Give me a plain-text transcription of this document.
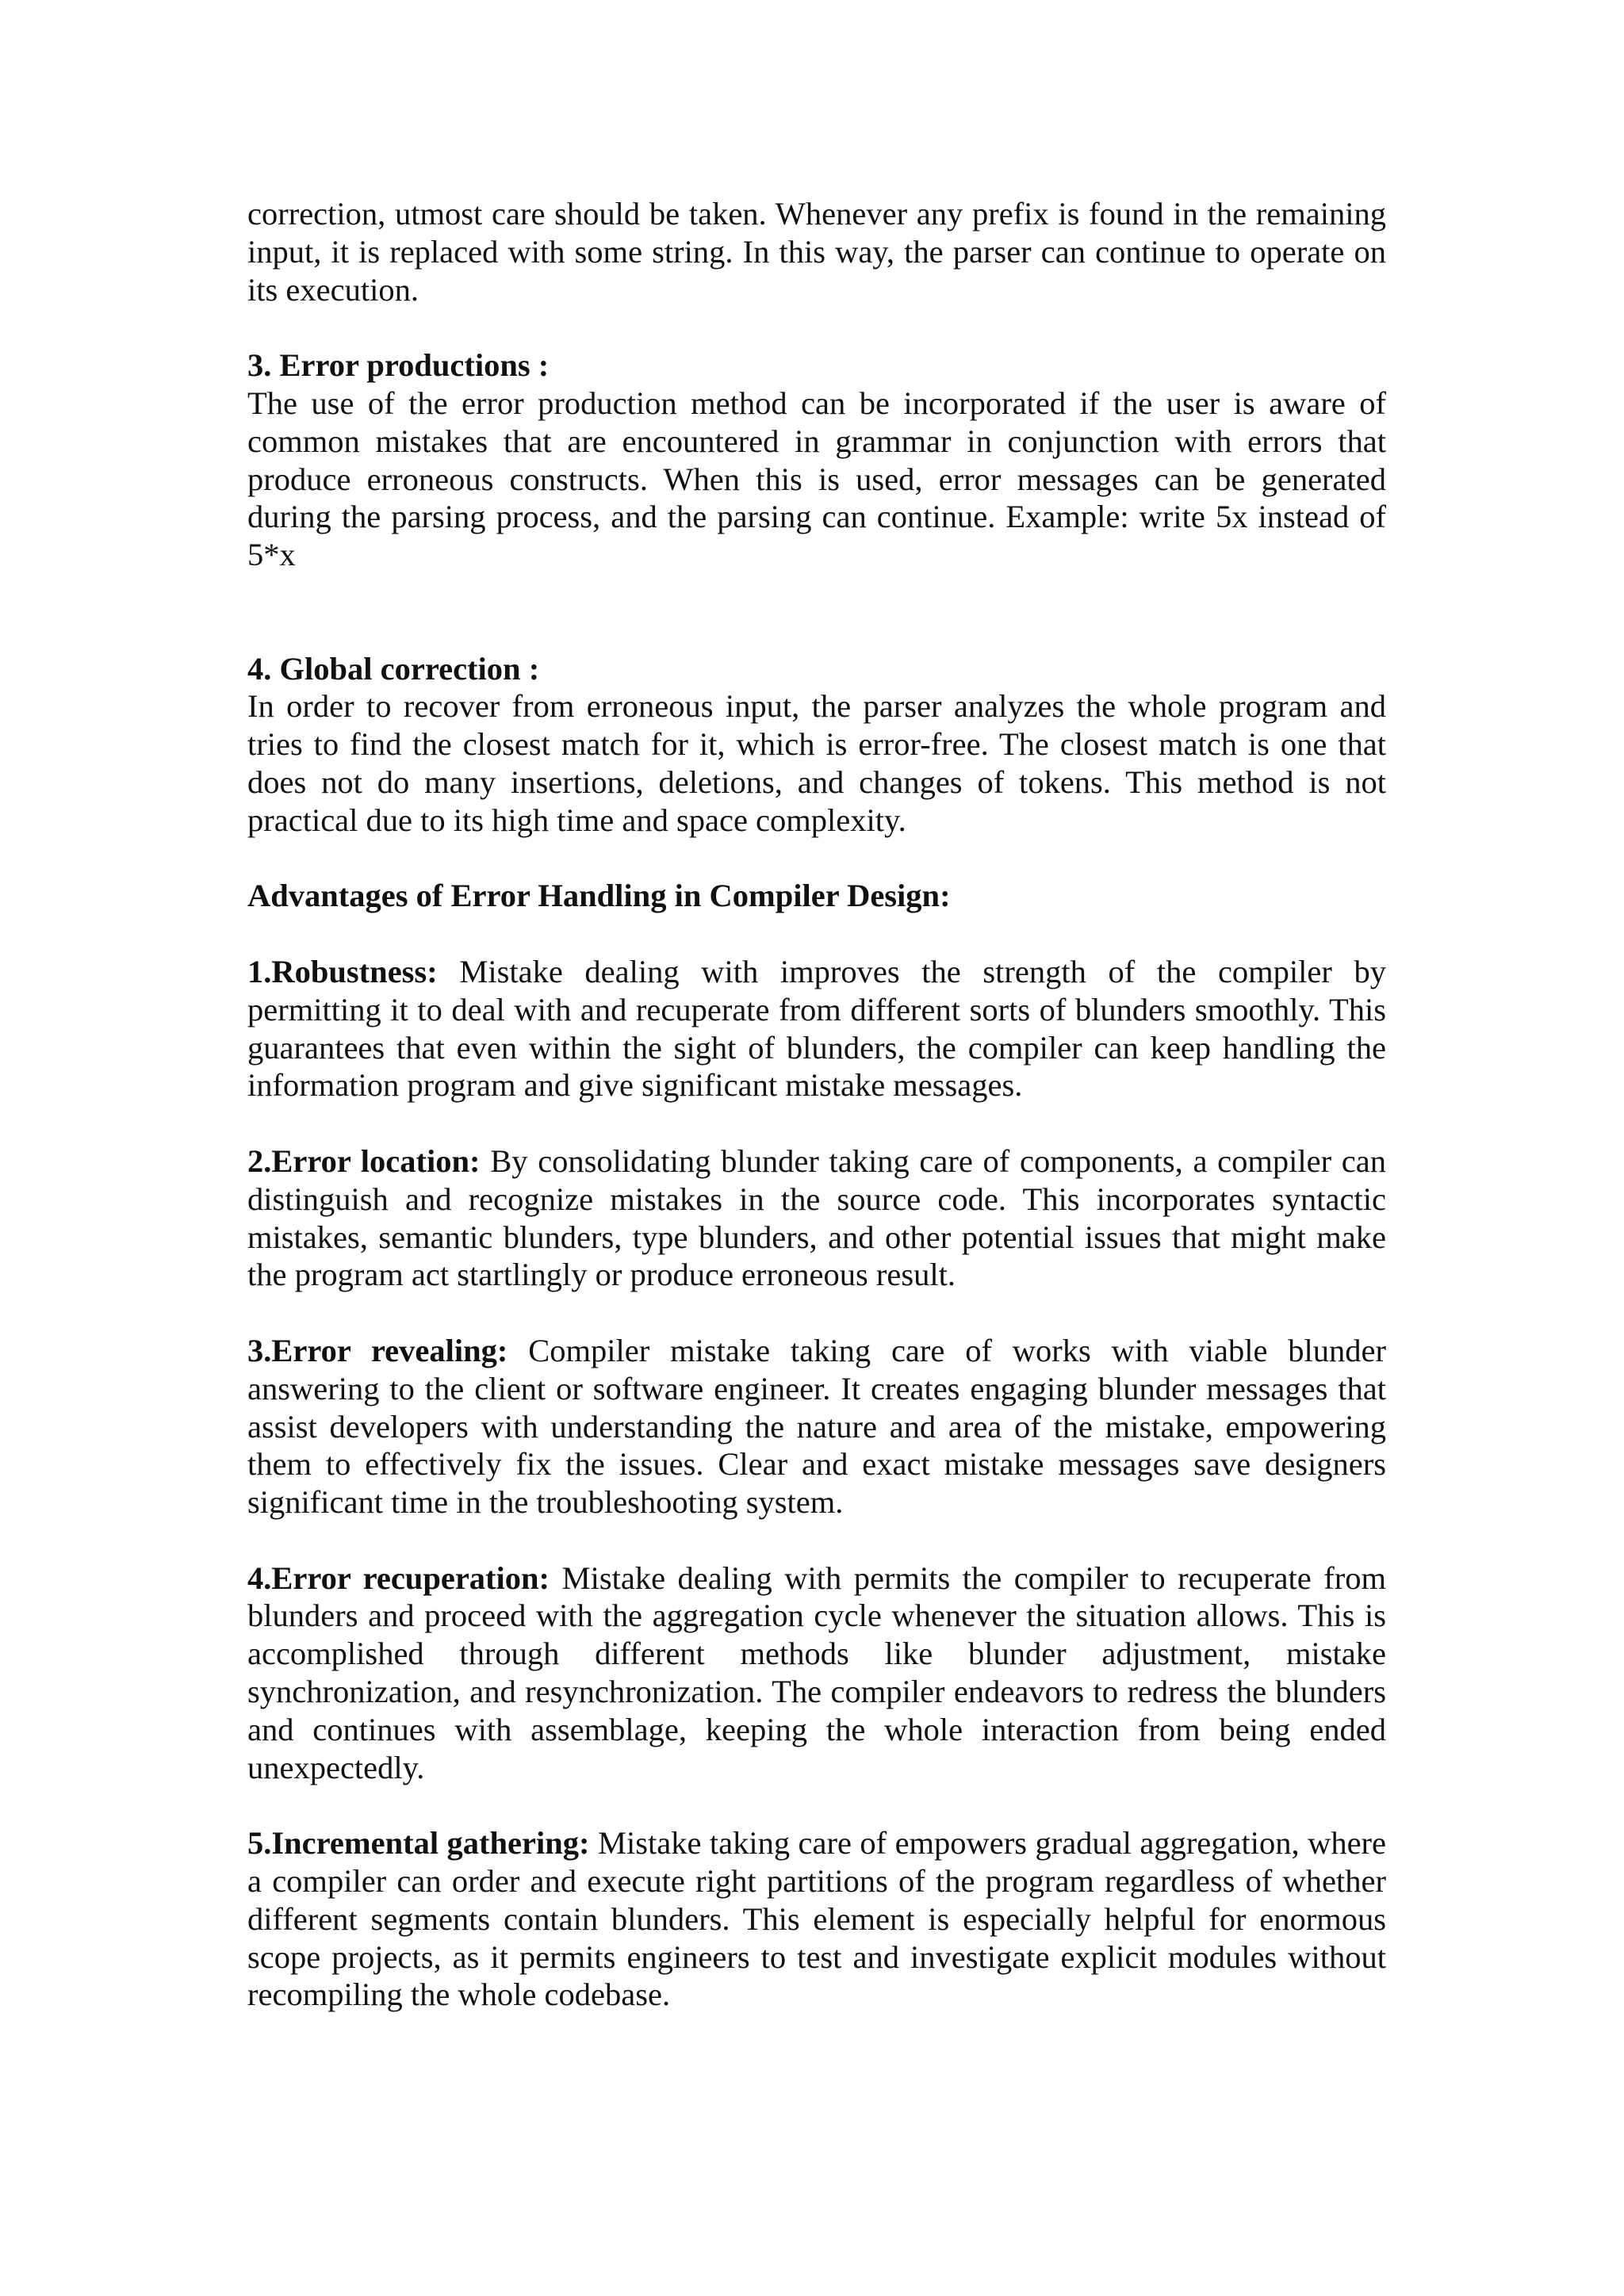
correction, utmost care should be taken. Whenever any prefix is found in the remaining input, it is replaced with some string. In this way, the parser can continue to operate on its execution.

3. Error productions :

The use of the error production method can be incorporated if the user is aware of common mistakes that are encountered in grammar in conjunction with errors that produce erroneous constructs. When this is used, error messages can be generated during the parsing process, and the parsing can continue. Example: write 5x instead of 5*x

4. Global correction :

In order to recover from erroneous input, the parser analyzes the whole program and tries to find the closest match for it, which is error-free. The closest match is one that does not do many insertions, deletions, and changes of tokens. This method is not practical due to its high time and space complexity.

Advantages of Error Handling in Compiler Design:

1.Robustness: Mistake dealing with improves the strength of the compiler by permitting it to deal with and recuperate from different sorts of blunders smoothly. This guarantees that even within the sight of blunders, the compiler can keep handling the information program and give significant mistake messages.

2.Error location: By consolidating blunder taking care of components, a compiler can distinguish and recognize mistakes in the source code. This incorporates syntactic mistakes, semantic blunders, type blunders, and other potential issues that might make the program act startlingly or produce erroneous result.

3.Error revealing: Compiler mistake taking care of works with viable blunder answering to the client or software engineer. It creates engaging blunder messages that assist developers with understanding the nature and area of the mistake, empowering them to effectively fix the issues. Clear and exact mistake messages save designers significant time in the troubleshooting system.

4.Error recuperation: Mistake dealing with permits the compiler to recuperate from blunders and proceed with the aggregation cycle whenever the situation allows. This is accomplished through different methods like blunder adjustment, mistake synchronization, and resynchronization. The compiler endeavors to redress the blunders and continues with assemblage, keeping the whole interaction from being ended unexpectedly.

5.Incremental gathering: Mistake taking care of empowers gradual aggregation, where a compiler can order and execute right partitions of the program regardless of whether different segments contain blunders. This element is especially helpful for enormous scope projects, as it permits engineers to test and investigate explicit modules without recompiling the whole codebase.
